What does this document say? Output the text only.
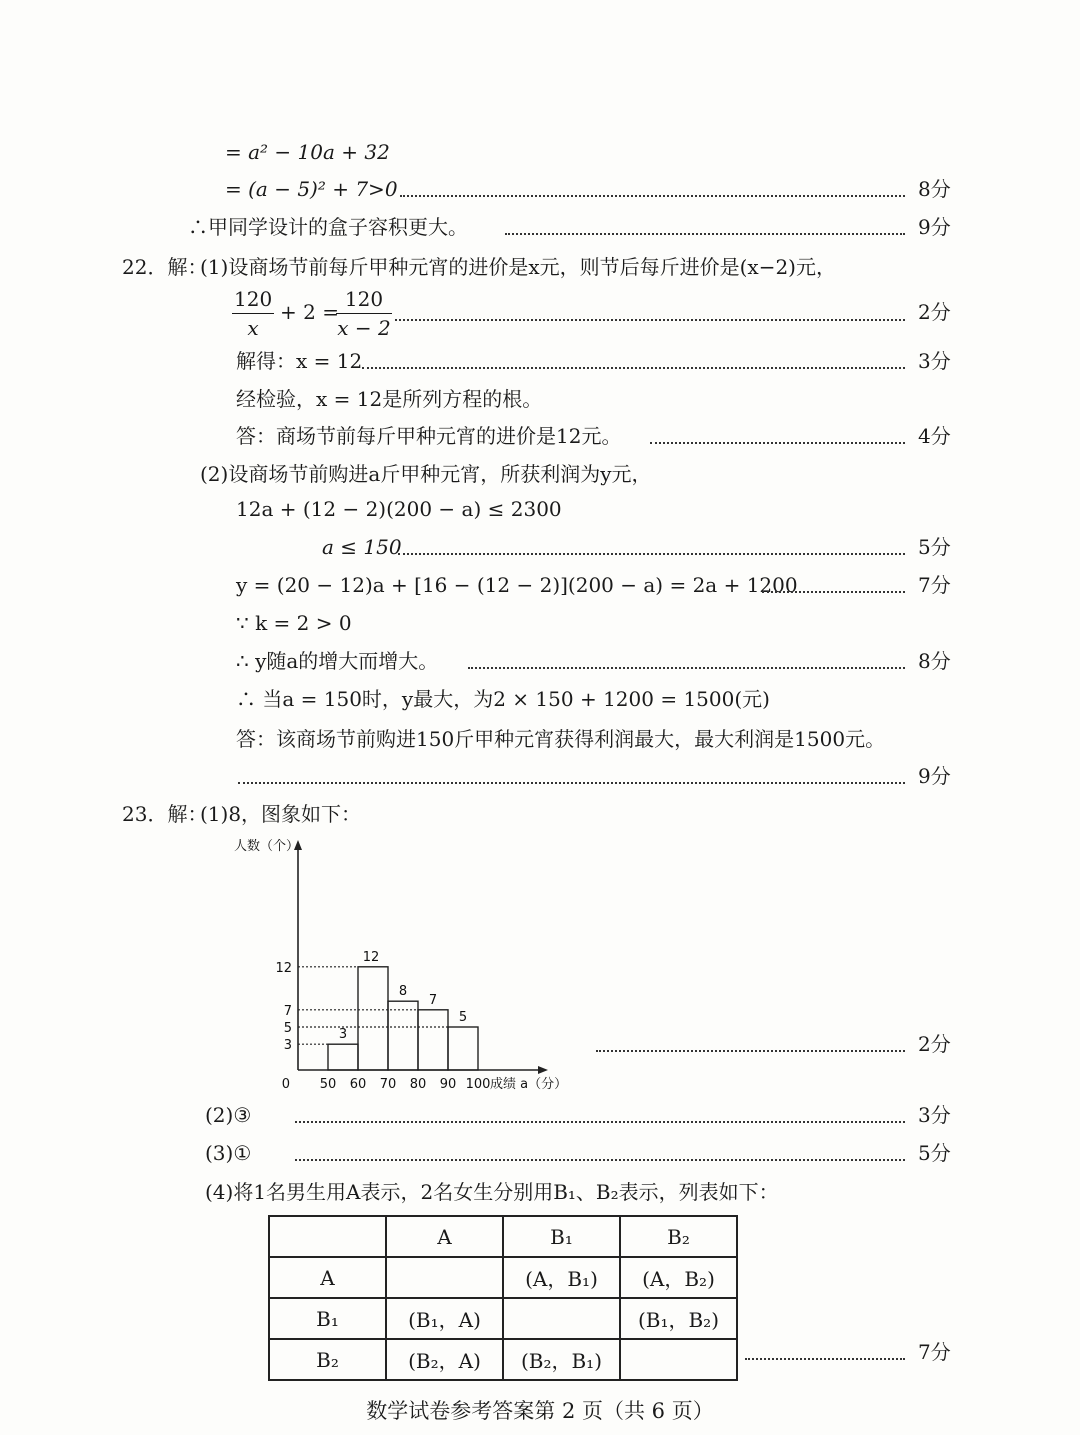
= a² − 10a + 32
= (a − 5)² + 7>0	8分
∴甲同学设计的盒子容积更大。	9分
22．解：
(1)设商场节前每斤甲种元宵的进价是x元，则节后每斤进价是(x−2)元，
$\frac{120}{x} + 2$ =
$\frac{120}{x - 2}$	2分
解得：x = 12	3分
经检验，x = 12是所列方程的根。
答：商场节前每斤甲种元宵的进价是12元。	4分
(2)设商场节前购进a斤甲种元宵，所获利润为y元，
12a + (12 − 2)(200 − a) ≤ 2300
a ≤ 150	5分
y = (20 − 12)a + [16 − (12 − 2)](200 − a) = 2a + 1200	7分
∵ k = 2 > 0
∴ y随a的增大而增大。	8分
∴ 当a = 150时，y最大，为2 × 150 + 1200 = 1500(元)
答：该商场节前购进150斤甲种元宵获得利润最大，最大利润是1500元。
9分
23．解：
(1)8，图象如下：
3
12
8
7
5
3
5
7
12
50 60 70 80 90 100
0	成绩 a（分）
人数（个）
2分
(2)③	3分
(3)①	5分
(4)将1名男生用A表示，2名女生分别用B₁、B₂表示，列表如下：
	A	B₁	B₂
A		(A，B₁)	(A，B₂)
B₁	(B₁，A)		(B₁，B₂)
B₂	(B₂，A)	(B₂，B₁)		7分
数学试卷参考答案第 2 页（共 6 页）
